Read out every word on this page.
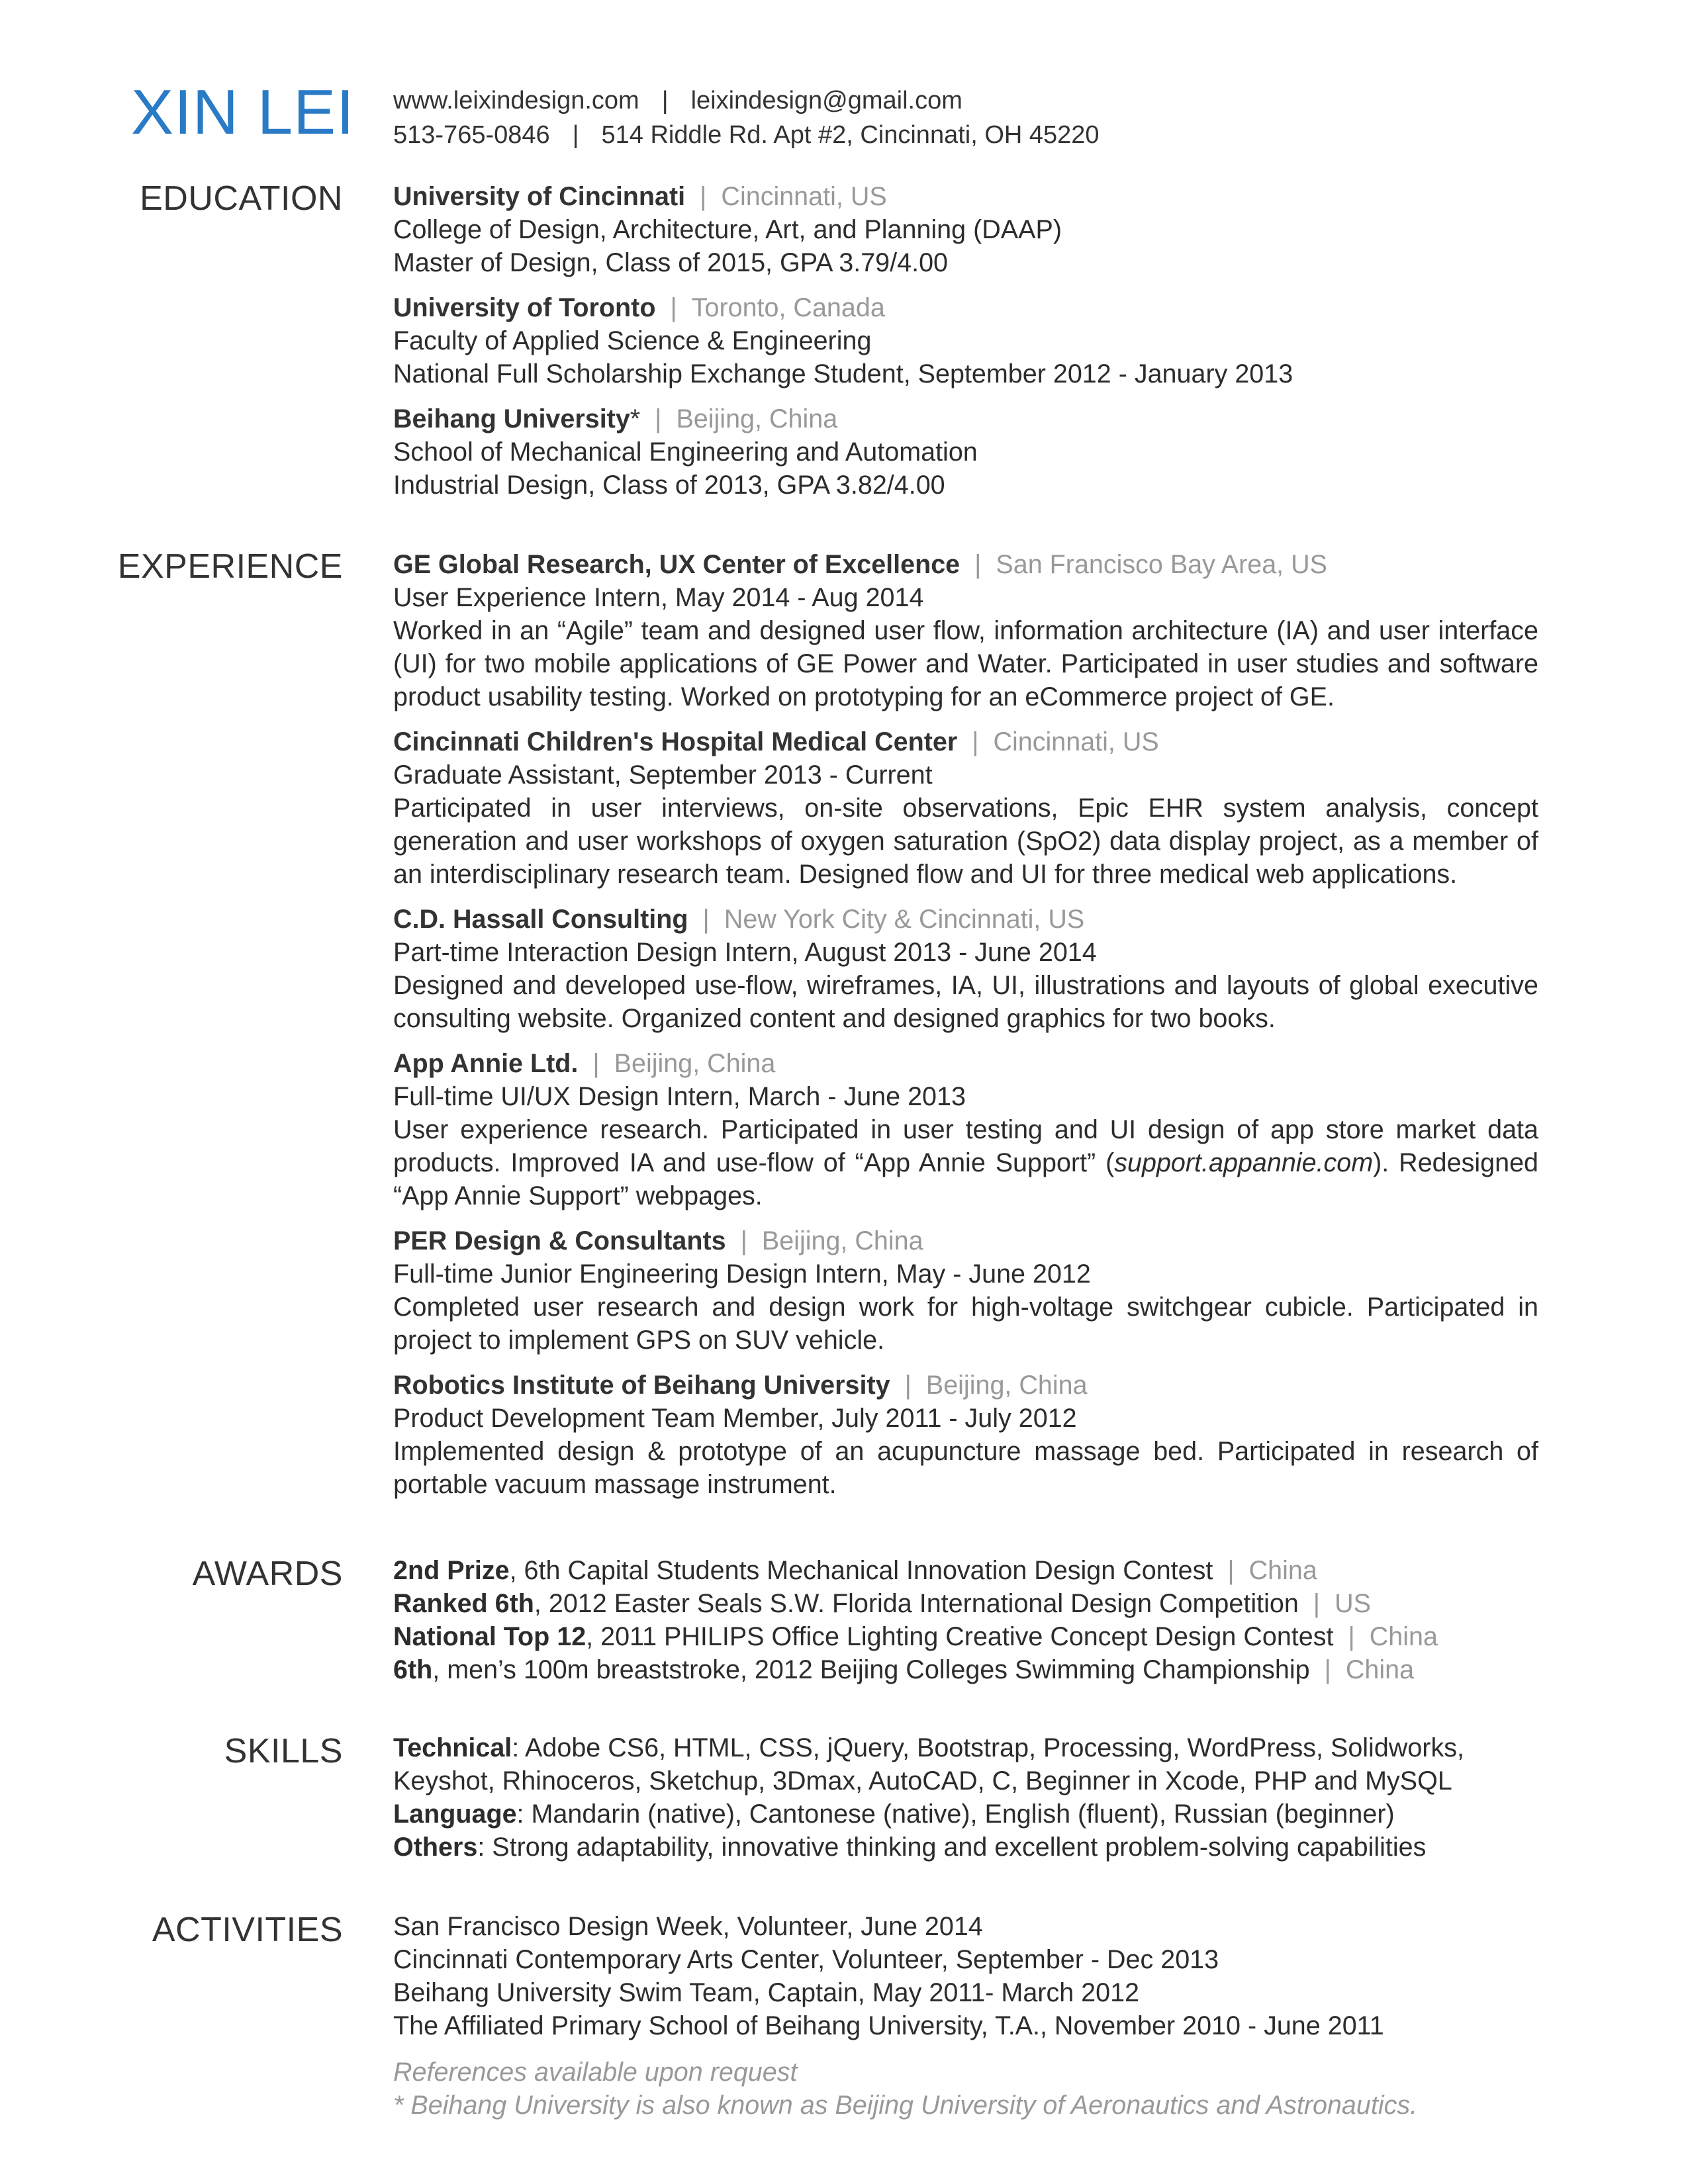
XIN LEI www.leixindesign.com | leixindesign@gmail.com
513-765-0846 | 514 Riddle Rd. Apt #2, Cincinnati, OH 45220
EDUCATION University of Cincinnati | Cincinnati, US
College of Design, Architecture, Art, and Planning (DAAP)
Master of Design, Class of 2015, GPA 3.79/4.00
University of Toronto | Toronto, Canada
Faculty of Applied Science & Engineering
National Full Scholarship Exchange Student, September 2012 - January 2013
Beihang University* | Beijing, China
School of Mechanical Engineering and Automation
Industrial Design, Class of 2013, GPA 3.82/4.00
EXPERIENCE GE Global Research, UX Center of Excellence | San Francisco Bay Area, US
User Experience Intern, May 2014 - Aug 2014
Worked in an “Agile” team and designed user flow, information architecture (IA) and user interface (UI) for two mobile applications of GE Power and Water. Participated in user studies and software product usability testing. Worked on prototyping for an eCommerce project of GE.
Cincinnati Children's Hospital Medical Center | Cincinnati, US
Graduate Assistant, September 2013 - Current
Participated in user interviews, on-site observations, Epic EHR system analysis, concept generation and user workshops of oxygen saturation (SpO2) data display project, as a member of an interdisciplinary research team. Designed flow and UI for three medical web applications.
C.D. Hassall Consulting | New York City & Cincinnati, US
Part-time Interaction Design Intern, August 2013 - June 2014
Designed and developed use-flow, wireframes, IA, UI, illustrations and layouts of global executive consulting website. Organized content and designed graphics for two books.
App Annie Ltd. | Beijing, China
Full-time UI/UX Design Intern, March - June 2013
User experience research. Participated in user testing and UI design of app store market data products. Improved IA and use-flow of “App Annie Support” (support.appannie.com). Redesigned “App Annie Support” webpages.
PER Design & Consultants | Beijing, China
Full-time Junior Engineering Design Intern, May - June 2012
Completed user research and design work for high-voltage switchgear cubicle. Participated in project to implement GPS on SUV vehicle.
Robotics Institute of Beihang University | Beijing, China
Product Development Team Member, July 2011 - July 2012
Implemented design & prototype of an acupuncture massage bed. Participated in research of portable vacuum massage instrument.
AWARDS 2nd Prize, 6th Capital Students Mechanical Innovation Design Contest | China
Ranked 6th, 2012 Easter Seals S.W. Florida International Design Competition | US
National Top 12, 2011 PHILIPS Office Lighting Creative Concept Design Contest | China
6th, men’s 100m breaststroke, 2012 Beijing Colleges Swimming Championship | China
SKILLS Technical: Adobe CS6, HTML, CSS, jQuery, Bootstrap, Processing, WordPress, Solidworks,
Keyshot, Rhinoceros, Sketchup, 3Dmax, AutoCAD, C, Beginner in Xcode, PHP and MySQL
Language: Mandarin (native), Cantonese (native), English (fluent), Russian (beginner)
Others: Strong adaptability, innovative thinking and excellent problem-solving capabilities
ACTIVITIES San Francisco Design Week, Volunteer, June 2014
Cincinnati Contemporary Arts Center, Volunteer, September - Dec 2013
Beihang University Swim Team, Captain, May 2011- March 2012
The Affiliated Primary School of Beihang University, T.A., November 2010 - June 2011
References available upon request
* Beihang University is also known as Beijing University of Aeronautics and Astronautics.
